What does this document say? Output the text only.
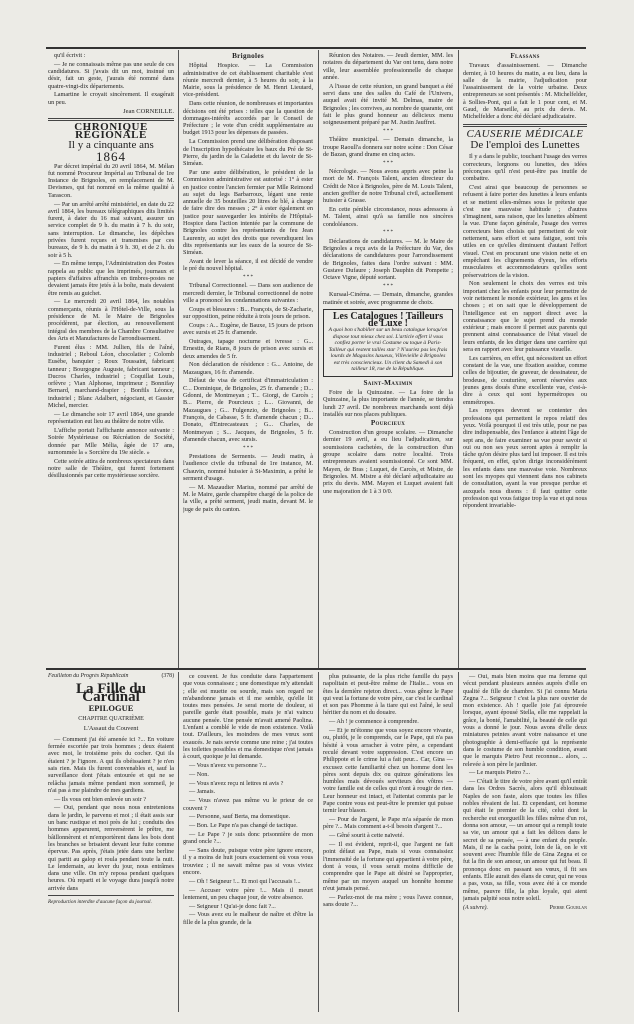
qu'il écrivit :

— Je ne connaissais même pas une seule de ces candidatures. Si j'avais dit un mot, insinué un désir, fait un geste, j'aurais été nommé dans quatre-vingt-dix départements.

Lamartine le croyait sincèrement. Il exagérait un peu.

Jean CORNEILLE.
CHRONIQUE RÉGIONALE
Il y a cinquante ans
1864

Par décret impérial du 20 avril 1864, M. Mélan fut nommé Procureur Impérial au Tribunal de 1re Instance de Brignoles, en remplacement de M. Devismes, qui fut nommé en la même qualité à Tarascon.

— Par un arrêté arrêté ministériel, en date du 22 avril 1864, les bureaux télégraphiques dits limités furent, à dater du 16 mai suivant, assurer un service complet de 9 h. du matin à 7 h. du soir, sans interruption. Le dimanche, les dépêches privées furent reçues et transmises par ces bureaux, de 9 h. du matin à 9 h. 30, et de 2 h. du soir à 5 h.

— En même temps, l'Administration des Postes rappela au public que les imprimés, journaux et papiers d'affaires affranchis en timbres-postes ne devaient jamais être jetés à la boîte, mais devaient être remis au guichet.

— Le mercredi 20 avril 1864, les notables commerçants, réunis à l'Hôtel-de-Ville, sous la présidence de M. le Maire de Brignoles procédèrent, par élection, au renouvellement intégral des membres de la Chambre Consultative des Arts et Manufactures de l'arrondissement.

Furent élus : MM. Jullien, fils de l'aîné, industriel ; Reboul Léon, chocolatier ; Colomb Eusèbe, banquier ; Roux Toussaint, fabricant tanneur ; Bourgogne Auguste, fabricant tanneur ; Ducros Charles, industriel ; Coquillat Louis, orfèvre ; Vian Alphonse, imprimeur ; Bonnifay Bernard, marchand-drapier ; Bonfils Léonce, industriel ; Blanc Adalbert, négociant, et Gassier Michel, mercier.

— Le dimanche soir 17 avril 1864, une grande représentation eut lieu au théâtre de notre ville.

L'affiche portait l'affichante annonce suivante : Soirée Mystérieuse ou Récréation de Société, donnée par Mlle Mélia, âgée de 17 ans, surnommée la « Sorcière du 19e siècle. »

Cette soirée attira de nombreux spectateurs dans notre salle de Théâtre, qui furent fortement désillusionnés par cette mystérieuse sorcière.

Brignoles

Hôpital Hospice. — La Commission administrative de cet établissement charitable s'est réunie mercredi dernier, à 5 heures du soir, à la Mairie, sous la présidence de M. Henri Lieutard, vice-président.

Dans cette réunion, de nombreuses et importantes décisions ont été prises : telles que la question de dommages-intérêts accordés par le Conseil de Préfecture ; le vote d'un crédit supplémentaire au budget 1913 pour les dépenses de passées.

La Commission prend une délibération disposant de l'inscription hypothécaire les baux du Pré de St-Pierre, du jardin de la Caladette et du lavoir de St-Siméan.

Par une autre délibération, le président de la Commission administrative est autorisé : 1° à ester en justice contre l'ancien fermier par Mlle Reimond au sujet du legs Barbarroux, légant une rente annuelle de 35 bouteilles 20 litres de blé, à charge de faire dire des messes ; 2° à ester également en justice pour sauvegarder les intérêts de l'Hôpital-Hospice dans l'action intentée par la commune de Brignoles contre les représentants de feu Jean Laurenty, au sujet des droits que revendiquent les dits représentants sur les eaux de la source de St-Siméan.

Avant de lever la séance, il est décidé de vendre le pré du nouvel hôpital.

* * *

Tribunal Correctionnel. — Dans son audience de mercredi dernier, le Tribunal correctionnel de notre ville a prononcé les condamnations suivantes :

Coups et blessures : B... François, de St-Zacharie, sur opposition, peine réduite à trois jours de prison.

Coups : A... Eugène, de Bauxe, 15 jours de prison avec sursis et 25 fr. d'amende.

Outrages, tapage nocturne et ivresse : G... Ernestin, de Rians, 8 jours de prison avec sursis et deux amendes de 5 fr.

Non déclaration de résidence : G... Antoine, de Mazaugues, 16 fr. d'amende.

Défaut de visa de certificat d'immatriculation : C... Dominique, de Brignoles, 25 fr. d'amende ; D... Gdonni, de Montmeyan ; T... Giorgi, de Carcès ; B... Pierre, de Pourcieux ; L... Giovanni, de Mazaugues ; G... Fulgenzio, de Brignoles ; B... François, de Cabasse, 5 fr. d'amende chacun ; D... Donato, d'Entrecasteaux ; G... Charles, de Montmeyan ; S... Jacques, de Brignoles, 5 fr. d'amende chacun, avec sursis.

* * *

Prestations de Serments. — Jeudi matin, à l'audience civile du tribunal de 1re instance, M. Chauvin, nommé huissier à St-Maximin, a prêté le serment d'usage.

— M. Mazaudier Marius, nommé par arrêté de M. le Maire, garde champêtre chargé de la police de la ville, a prêté serment, jeudi matin, devant M. le juge de paix du canton.

Réunion des Notaires. — Jeudi dernier, MM. les notaires du département du Var ont tenu, dans notre ville, leur assemblée professionnelle de chaque année.

A l'issue de cette réunion, un grand banquet a été servi dans une des salles du Café de l'Univers, auquel avait été invité M. Delmas, maire de Brignoles ; les convives, au nombre de quarante, ont fait le plus grand honneur au délicieux menu soigneusement préparé par M. Justin Jauffret.

* * *

Théâtre municipal. — Demain dimanche, la troupe Raoull'a donnera sur notre scène : Don César de Bazan, grand drame en cinq actes.

* * *

Nécrologie. — Nous avons appris avec peine la mort de M. François Talent, ancien directeur du Crédit de Nice à Brignoles, père de M. Louis Talent, ancien greffier de notre Tribunal civil, actuellement huissier à Grasse.

En cette pénible circonstance, nous adressons à M. Talent, ainsi qu'à sa famille nos sincères condoléances.

* * *

Déclarations de candidatures. — M. le Maire de Brignoles a reçu avis de la Préfecture du Var, des déclarations de candidatures pour l'arrondissement de Brignoles, faites dans l'ordre suivant : MM. Gustave Dufaure ; Joseph Dauphin dit Pompette ; Octave Vigne, député sortant.

* * *

Kursaal-Cinéma. — Demain, dimanche, grandes matinée et soirée, avec programme de choix.

Les Catalogues ! Tailleurs de Luxe !
A quoi bon s'habiller sur un beau catalogue lorsqu'on dispose tout mieux chez soi. L'article offert il vous confiez porter le vrai Costume ou toque à Paris-Tailleur qui restent tailles star ? N'auriez pas les frais lourds de Magasins luxueux, Villevieille à Brignoles est très consciencieux. Un client du Samedi à son tailleur 18, rue de la République.
Saint-Maximin

Foire de la Quinzaine. — La foire de la Quinzaine, la plus importante de l'année, se tiendra lundi 27 avril. De nombreux marchands sont déjà installés sur nos places publiques.

Pourcieux

Construction d'un groupe scolaire. — Dimanche dernier 19 avril, a eu lieu l'adjudication, sur soumissions cachetées, de la construction d'un groupe scolaire dans notre localité. Trois entrepreneurs avaient soumissionné. Ce sont MM. Mayen, de Bras ; Luquet, de Carcès, et Mistre, de Brignoles. M. Mistre a été déclaré adjudicataire au prix du devis. MM. Mayen et Luquet avaient fait une majoration de 1 à 3 0/0.

Flassans

Travaux d'assainissement. — Dimanche dernier, à 10 heures du matin, a eu lieu, dans la salle de la mairie, l'adjudication pour l'assainissement de la voirie urbaine. Deux entrepreneurs se sont présentés : M. Michelfelder, à Sollies-Pont, qui a fait le 1 pour cent, et M. Gaud, de Marseille, au prix du devis. M. Michelfelder a donc été déclaré adjudicataire.

CAUSERIE MÉDICALE
De l'emploi des Lunettes

Il y a dans le public, touchant l'usage des verres correcteurs, lorgnons ou lunettes, des idées préconçues qu'il n'est peut-être pas inutile de combattre.

C'est ainsi que beaucoup de personnes se refusent à faire porter des lunettes à leurs enfants et se mettent elles-mêmes sous le prétexte que c'est une mauvaise habitude ; d'autres s'imaginent, sans raison, que les lunettes abîment la vue. D'une façon générale, l'usage des verres correcteurs bien choisis qui permettent de voir nettement, sans effort et sans fatigue, sont très utiles en ce qu'elles diminuent d'autant l'effort visuel. C'est en procurant une vision nette et en empêchant les clignements d'yeux, les efforts musculaires et accommodateurs qu'elles sont préservatrices de la vision.

Non seulement le choix des verres est très important chez les enfants pour leur permettre de voir nettement le monde extérieur, les gens et les choses ; et on sait que le développement de l'intelligence est en rapport direct avec la connaissance que le sujet prend du monde extérieur ; mais encore il permet aux parents qui prennent ainsi connaissance de l'état visuel de leurs enfants, de les diriger dans une carrière qui sera en rapport avec leur puissance visuelle.

Les carrières, en effet, qui nécessitent un effort constant de la vue, une fixation assidue, comme celles de bijoutier, de graveur, de dessinateur, de brodeuse, de couturière, seront réservées aux jeunes gens doués d'une excellente vue, c'est-à-dire à ceux qui sont hypermétropes ou emmétropes.

Les myopes devront se contenter des professions qui permettent le repos relatif des yeux. Voilà pourquoi il est très utile, pour ne pas dire indispensable, des l'enfance à atteint l'âge de sept ans, de faire examiner sa vue pour savoir si oui ou non ses yeux seront aptes à remplir la tâche qu'on désire plus tard lui imposer. Il est très fréquent, en effet, qu'on dirige inconsidérément les enfants dans une mauvaise voie. Nombreux sont les myopes qui viennent dans nos cabinets de consultation, ayant la vue presque perdue et auxquels nous disons : il faut quitter cette profession qui vous fatigue trop la vue et qui nous répondent invariable-

Feuilleton du Progrès Républicain	(378)
La Fille du Cardinal
EPILOGUE
CHAPITRE QUATRIÈME
L'Assaut du Couvent

— Comment j'ai été amenée ici ?... En voiture fermée escortée par trois hommes ; deux étaient avec moi, le troisième près du cocher. Qui ils étaient ? je l'ignore. A qui ils obéissaient ? je n'en sais rien. Mais ils furent convenables et, sauf la surveillance dont j'étais entourée et qui ne se relâcha jamais même pendant mon sommeil, je n'ai pas à me plaindre de mes gardiens.

— Ils vous ont bien enlevée un soir ?

— Oui, pendant que nous nous entretenions dans le jardin, le parvenu et moi ; il était assis sur un banc rustique et moi près de lui ; conduits des hommes apparurent, renversèrent le prêtre, me bâillonnèrent et m'emportèrent dans les bois dont les branches se brisaient devant leur fuite comme épervue. Pas après, j'étais jetée dans une berline qui partit au galop et roula pendant toute la nuit. Le lendemain, au lever du jour, nous entrâmes dans une ville. On m'y reposa pendant quelques heures. Où reparti et le voyage dura jusqu'à notre arrivée dans

Reproduction interdite d'aucune façon du journal.

ce couvent. Je fus conduite dans l'appartement que vous connaissez ; une domestique m'y attendait ; elle est muette ou sourde, mais son regard ne m'abandonne jamais et il me semble, qu'elle lit toutes mes pensées. Je serai morte de douleur, si pareille garde était possible, mais je n'ai vaincu aucune pensée. Une pensée m'avait amené Paolina. L'enfant a comblé le vide de mon existence. Voilà tout. D'ailleurs, les moindres de mes vœux sont exaucés. Je nais servie comme une reine ; j'ai toutes les toilettes possibles et ma domestique n'est jamais à court, quoique je lui demande.

— Vous n'avez vu personne ?...

— Non.

— Vous n'avez reçu ni lettres ni avis ?

— Jamais.

— Vous n'avez pas même vu le prieur de ce couvent ?

— Personne, sauf Berta, ma domestique.

— Bon. Le Pape n'a pas changé de tactique.

— Le Pape ? je suis donc prisonnière de mon grand oncle ?...

— Sans doute, puisque votre père ignore encore, il y a moins de huit jours exactement où vous vous trouviez ; il ne savait même pas si vous viviez encore.

— Oh ! Seigneur !... Et moi qui l'accusais !...

— Accuser votre père !... Mais il meurt lentement, un peu chaque jour, de votre absence.

— Seigneur ! Qu'ai-je donc fait ?...

— Vous avez eu le malheur de naître et d'être la fille de la plus grande, de la

plus puissante, de la plus riche famille du pays napolitain et peut-être même de l'Italie... vous en êtes la dernière rejeton direct... vous gênez le Pape qui veut la fortune de votre père, car c'est le cardinal et son pas Phomme à la tiare qui est l'aîné, le seul héritier du nom et du douaire.

— Ah ! je commence à comprendre.

— Et je m'étonne que vous soyez encore vivante, ou, plutôt, je le comprends, car le Pape, qui n'a pas hésité à vous arracher à votre père, a cependant reculé devant votre suppression. C'est encore un Philippote et le crime lui a fait peur... Car, Gina — excusez cette familiarité chez un homme dont les pères sont depuis dix ou quinze générations les humbles mais dévoués serviteurs des vôtres — votre famille est de celles qui n'ont à rougir de rien. Leur honneur est intact, et l'attentat commis par le Pape contre vous est peut-être le premier qui puisse ternir leur blason.

— Pour de l'argent, le Pape m'a séparée de mon père ?... Mais comment a-t-il besoin d'argent ?...

— Gêné sourit à cette naïveté.

— Il est évident, reprit-il, que l'argent ne fait point défaut au Pape, mais si vous connaissiez l'immensité de la fortune qui appartient à votre père, dont à vous, il vous serait moins difficile de comprendre que le Pape ait désiré se l'approprier, même par un moyen auquel un honnête homme n'eut jamais pensé.

— Parlez-moi de ma mère ; vous l'avez connue, sans doute ?...

— Oui, mais bien moins que ma femme qui vécut pendant plusieurs années auprès d'elle en qualité de fille de chambre. Si j'ai connu Maria Zegna ?... Seigneur ! c'est la plus rare ouvrier de mon existence. Ah ! quelle joie j'ai éprouvée lorsque, ayant épousé Stella, elle me rappelait la grâce, la bonté, l'amabilité, la beauté de celle qui vous a donné le jour. Nous avons d'elle deux miniatures peintes avant votre naissance et une photographie à demi-effacée qui la représente dans le costume de son humble condition, avant que le marquis Pietro l'eut reconnue... alors, ... relevée à son père le jardinier.

— Le marquis Pietro ?...

— C'était le titre de votre père avant qu'il entrât dans les Ordres Sacrés, alors qu'il éblouissait Naples de son faste, alors que toutes les filles nobles rêvaient de lui. Et cependant, cet homme qui était le premier de la cité, celui dont la recherche eut enorgueilli les filles même d'un roi, donna son amour, — un amour qui a rempli toute sa vie, un amour qui a fait les délices dans le secret de sa pensée, — à une enfant du peuple. Mais, il ne la cacha point, loin de là, on le vit souvent avec l'humble fille de Gina Zegna et ce fut la fin de son amour, un amour qui fut beau. Il prononça donc en passant ses vœux, il fit ses enfants. Elle aurait des élans de cœur, qui ne vous a pas, vous, sa fille, vous avez été à ce monde même, pauvre fille, la plus loyale, qui aient jamais palpité sous notre soleil.

(A suivre).	Pierre Gourlan
